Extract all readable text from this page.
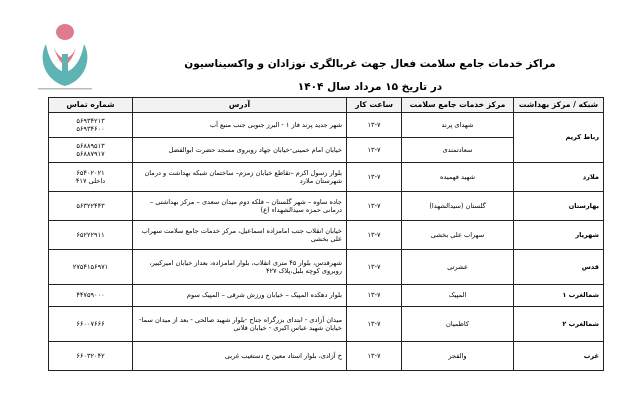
مراکز خدمات جامع سلامت فعال جهت غربالگری نوزادان و واکسیناسیون
در تاریخ ۱۵ مرداد سال ۱۴۰۴
شبکه / مرکز بهداشت	مرکز خدمات جامع سلامت	ساعت کار	آدرس	شماره تماس
رباط کریم	شهدای پرند	۱۳-۷	شهر جدید پرند فاز ۱ - البرز جنوبی جنب منبع آب	۵۶۹۳۴۲۱۳
۵۶۹۳۴۶۰۰

	سعادتمندی	۱۳-۷	خیابان امام خمینی-خیابان جهاد روبروی مسجد حضرت ابوالفضل	۵۶۸۸۹۵۱۳
۵۶۸۸۷۹۱۷

ملارد	شهید فهمیده	۱۳-۷	بلوار رسول اکرم –تقاطع خیابان زمزم– ساختمان شبکه بهداشت و درمان شهرستان ملارد	۶۵۴۰۲۰۲۱
داخلی ۴۱۷

بهارستان	گلستان (سیدالشهدا)	۱۳-۷	جاده ساوه – شهر گلستان – فلکه دوم میدان سعدی – مرکز بهداشتی – درمانی حمزه سیدالشهداء (ع)	۵۶۳۲۲۴۴۳

شهریار	سهراب علی بخشی	۱۳-۷	خیابان انقلاب جنب امامزاده اسماعیل، مرکز خدمات جامع سلامت سهراب علی بخشی	۶۵۲۲۲۹۱۱

قدس	عشرتی	۱۳-۷	شهرقدس، بلوار ۴۵ متری انقلاب، بلوار امامزاده، بعداز خیابان امیرکبیر، روبروی کوچه بلبل،پلاک ۴۲۷	۲۷۵۴۱۵۶۹۷۱

شمالغرب ۱	المپیک	۱۳-۷	بلوار دهکده المپیک – خیابان ورزش شرقی – المپیک سوم	۴۴۷۵۹۰۰۰

شمالغرب ۲	کاظمیان	۱۳-۷	میدان آزادی - ابتدای بزرگراه جناح -بلوار شهید صالحی - بعد از میدان سما- خیابان شهید عباس اکبری - خیابان قلانی	۶۶۰۰۷۶۶۶

غرب	والفجر	۱۳-۷	خ آزادی، بلوار استاد معین خ دستغیب غربی	۶۶۰۳۲۰۴۲
